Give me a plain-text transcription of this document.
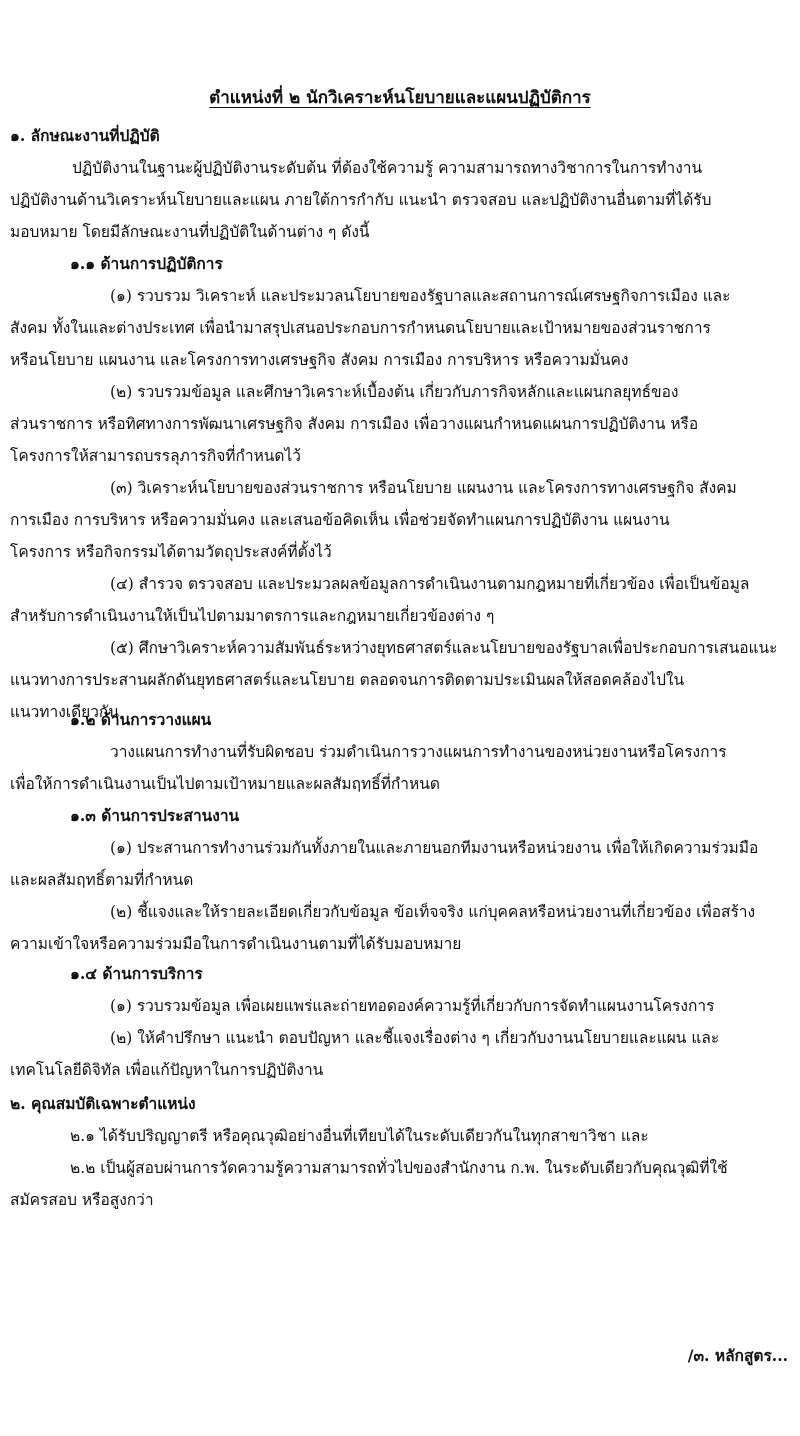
ตำแหน่งที่ ๒ นักวิเคราะห์นโยบายและแผนปฏิบัติการ
๑. ลักษณะงานที่ปฏิบัติ
ปฏิบัติงานในฐานะผู้ปฏิบัติงานระดับต้น ที่ต้องใช้ความรู้ ความสามารถทางวิชาการในการทำงาน
ปฏิบัติงานด้านวิเคราะห์นโยบายและแผน ภายใต้การกำกับ แนะนำ ตรวจสอบ และปฏิบัติงานอื่นตามที่ได้รับ
มอบหมาย โดยมีลักษณะงานที่ปฏิบัติในด้านต่าง ๆ ดังนี้
๑.๑ ด้านการปฏิบัติการ
(๑) รวบรวม วิเคราะห์ และประมวลนโยบายของรัฐบาลและสถานการณ์เศรษฐกิจการเมือง และ
สังคม ทั้งในและต่างประเทศ เพื่อนำมาสรุปเสนอประกอบการกำหนดนโยบายและเป้าหมายของส่วนราชการ
หรือนโยบาย แผนงาน และโครงการทางเศรษฐกิจ สังคม การเมือง การบริหาร หรือความมั่นคง
(๒) รวบรวมข้อมูล และศึกษาวิเคราะห์เบื้องต้น เกี่ยวกับภารกิจหลักและแผนกลยุทธ์ของ
ส่วนราชการ หรือทิศทางการพัฒนาเศรษฐกิจ สังคม การเมือง เพื่อวางแผนกำหนดแผนการปฏิบัติงาน หรือ
โครงการให้สามารถบรรลุภารกิจที่กำหนดไว้
(๓) วิเคราะห์นโยบายของส่วนราชการ หรือนโยบาย แผนงาน และโครงการทางเศรษฐกิจ สังคม
การเมือง การบริหาร หรือความมั่นคง และเสนอข้อคิดเห็น เพื่อช่วยจัดทำแผนการปฏิบัติงาน แผนงาน
โครงการ หรือกิจกรรมได้ตามวัตถุประสงค์ที่ตั้งไว้
(๔) สำรวจ ตรวจสอบ และประมวลผลข้อมูลการดำเนินงานตามกฎหมายที่เกี่ยวข้อง เพื่อเป็นข้อมูล
สำหรับการดำเนินงานให้เป็นไปตามมาตรการและกฎหมายเกี่ยวข้องต่าง ๆ
(๕) ศึกษาวิเคราะห์ความสัมพันธ์ระหว่างยุทธศาสตร์และนโยบายของรัฐบาลเพื่อประกอบการเสนอแนะ
แนวทางการประสานผลักดันยุทธศาสตร์และนโยบาย ตลอดจนการติดตามประเมินผลให้สอดคล้องไปใน
แนวทางเดียวกัน
๑.๒ ด้านการวางแผน
วางแผนการทำงานที่รับผิดชอบ ร่วมดำเนินการวางแผนการทำงานของหน่วยงานหรือโครงการ
เพื่อให้การดำเนินงานเป็นไปตามเป้าหมายและผลสัมฤทธิ์ที่กำหนด
๑.๓ ด้านการประสานงาน
(๑) ประสานการทำงานร่วมกันทั้งภายในและภายนอกทีมงานหรือหน่วยงาน เพื่อให้เกิดความร่วมมือ
และผลสัมฤทธิ์ตามที่กำหนด
(๒) ชี้แจงและให้รายละเอียดเกี่ยวกับข้อมูล ข้อเท็จจริง แก่บุคคลหรือหน่วยงานที่เกี่ยวข้อง เพื่อสร้าง
ความเข้าใจหรือความร่วมมือในการดำเนินงานตามที่ได้รับมอบหมาย
๑.๔ ด้านการบริการ
(๑) รวบรวมข้อมูล เพื่อเผยแพร่และถ่ายทอดองค์ความรู้ที่เกี่ยวกับการจัดทำแผนงานโครงการ
(๒) ให้คำปรึกษา แนะนำ ตอบปัญหา และชี้แจงเรื่องต่าง ๆ เกี่ยวกับงานนโยบายและแผน และ
เทคโนโลยีดิจิทัล เพื่อแก้ปัญหาในการปฏิบัติงาน
๒. คุณสมบัติเฉพาะตำแหน่ง
๒.๑ ได้รับปริญญาตรี หรือคุณวุฒิอย่างอื่นที่เทียบได้ในระดับเดียวกันในทุกสาขาวิชา และ
๒.๒ เป็นผู้สอบผ่านการวัดความรู้ความสามารถทั่วไปของสำนักงาน ก.พ. ในระดับเดียวกับคุณวุฒิที่ใช้
สมัครสอบ หรือสูงกว่า
/๓. หลักสูตร...
